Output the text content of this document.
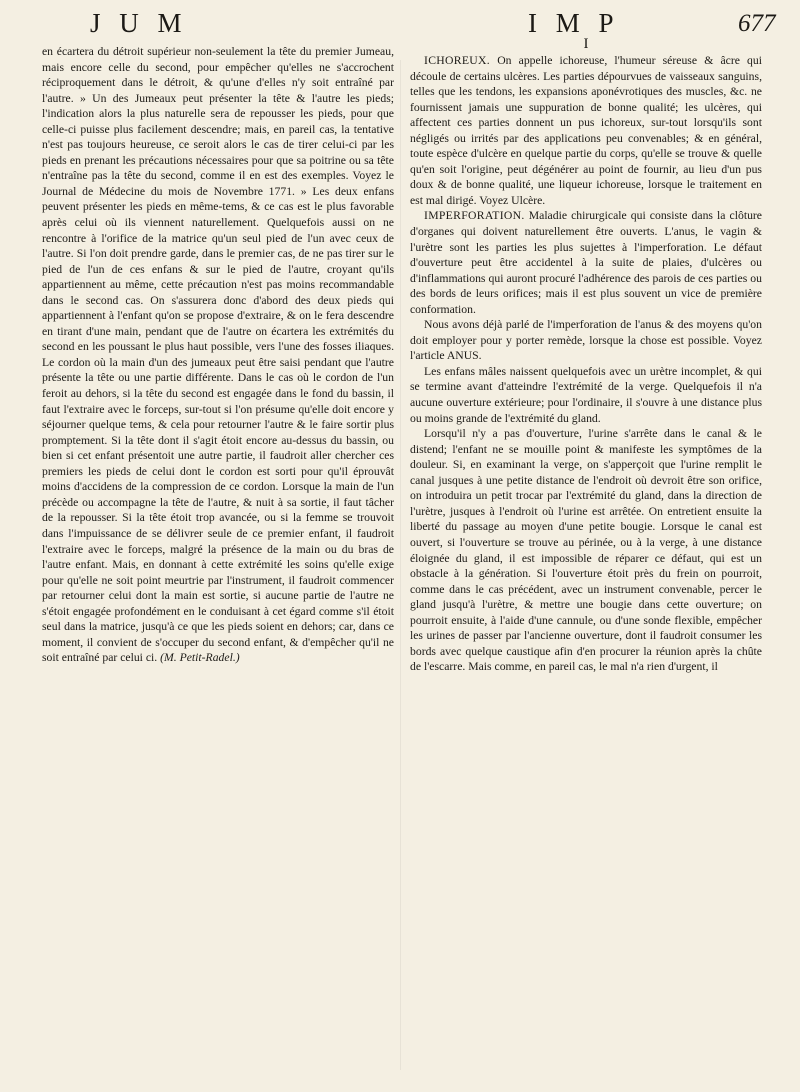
J U M	I M P	677

en écartera du détroit supérieur non-seulement la tête du premier Jumeau, mais encore celle du second, pour empêcher qu'elles ne s'accrochent réciproquement dans le détroit, & qu'une d'elles n'y soit entraîné par l'autre. » Un des Jumeaux peut présenter la tête & l'autre les pieds; l'indication alors la plus naturelle sera de repousser les pieds, pour que celle-ci puisse plus facilement descendre; mais, en pareil cas, la tentative n'est pas toujours heureuse, ce seroit alors le cas de tirer celui-ci par les pieds en prenant les précautions nécessaires pour que sa poitrine ou sa tête n'entraîne pas la tête du second, comme il en est des exemples. Voyez le Journal de Médecine du mois de Novembre 1771. » Les deux enfans peuvent présenter les pieds en même-tems, & ce cas est le plus favorable après celui où ils viennent naturellement. Quelquefois aussi on ne rencontre à l'orifice de la matrice qu'un seul pied de l'un avec ceux de l'autre. Si l'on doit prendre garde, dans le premier cas, de ne pas tirer sur le pied de l'un de ces enfans & sur le pied de l'autre, croyant qu'ils appartiennent au même, cette précaution n'est pas moins recommandable dans le second cas. On s'assurera donc d'abord des deux pieds qui appartiennent à l'enfant qu'on se propose d'extraire, & on le fera descendre en tirant d'une main, pendant que de l'autre on écartera les extrémités du second en les poussant le plus haut possible, vers l'une des fosses iliaques. Le cordon où la main d'un des jumeaux peut être saisi pendant que l'autre présente la tête ou une partie différente. Dans le cas où le cordon de l'un feroit au dehors, si la tête du second est engagée dans le fond du bassin, il faut l'extraire avec le forceps, sur-tout si l'on présume qu'elle doit encore y séjourner quelque tems, & cela pour retourner l'autre & le faire sortir plus promptement. Si la tête dont il s'agit étoit encore au-dessus du bassin, ou bien si cet enfant présentoit une autre partie, il faudroit aller chercher ces premiers les pieds de celui dont le cordon est sorti pour qu'il éprouvât moins d'accidens de la compression de ce cordon. Lorsque la main de l'un précède ou accompagne la tête de l'autre, & nuit à sa sortie, il faut tâcher de la repousser. Si la tête étoit trop avancée, ou si la femme se trouvoit dans l'impuissance de se délivrer seule de ce premier enfant, il faudroit l'extraire avec le forceps, malgré la présence de la main ou du bras de l'autre enfant. Mais, en donnant à cette extrémité les soins qu'elle exige pour qu'elle ne soit point meurtrie par l'instrument, il faudroit commencer par retourner celui dont la main est sortie, si aucune partie de l'autre ne s'étoit engagée profondément en le conduisant à cet égard comme s'il étoit seul dans la matrice, jusqu'à ce que les pieds soient en dehors; car, dans ce moment, il convient de s'occuper du second enfant, & d'empêcher qu'il ne soit entraîné par celui ci. (M. Petit-Radel.)

I

ICHOREUX. On appelle ichoreuse, l'humeur séreuse & âcre qui découle de certains ulcères. Les parties dépourvues de vaisseaux sanguins, telles que les tendons, les expansions aponévrotiques des muscles, &c. ne fournissent jamais une suppuration de bonne qualité; les ulcères, qui affectent ces parties donnent un pus ichoreux, sur-tout lorsqu'ils sont négligés ou irrités par des applications peu convenables; & en général, toute espèce d'ulcère en quelque partie du corps, qu'elle se trouve & quelle qu'en soit l'origine, peut dégénérer au point de fournir, au lieu d'un pus doux & de bonne qualité, une liqueur ichoreuse, lorsque le traitement en est mal dirigé. Voyez Ulcère.

IMPERFORATION. Maladie chirurgicale qui consiste dans la clôture d'organes qui doivent naturellement être ouverts. L'anus, le vagin & l'urètre sont les parties les plus sujettes à l'imperforation. Le défaut d'ouverture peut être accidentel à la suite de plaies, d'ulcères ou d'inflammations qui auront procuré l'adhérence des parois de ces parties ou des bords de leurs orifices; mais il est plus souvent un vice de première conformation.

Nous avons déjà parlé de l'imperforation de l'anus & des moyens qu'on doit employer pour y porter remède, lorsque la chose est possible. Voyez l'article ANUS.

Les enfans mâles naissent quelquefois avec un urètre incomplet, & qui se termine avant d'atteindre l'extrémité de la verge. Quelquefois il n'a aucune ouverture extérieure; pour l'ordinaire, il s'ouvre à une distance plus ou moins grande de l'extrémité du gland.

Lorsqu'il n'y a pas d'ouverture, l'urine s'arrête dans le canal & le distend; l'enfant ne se mouille point & manifeste les symptômes de la douleur. Si, en examinant la verge, on s'apperçoit que l'urine remplit le canal jusques à une petite distance de l'endroit où devroit être son orifice, on introduira un petit trocar par l'extrémité du gland, dans la direction de l'urètre, jusques à l'endroit où l'urine est arrêtée. On entretient ensuite la liberté du passage au moyen d'une petite bougie. Lorsque le canal est ouvert, si l'ouverture se trouve au périnée, ou à la verge, à une distance éloignée du gland, il est impossible de réparer ce défaut, qui est un obstacle à la génération. Si l'ouverture étoit près du frein on pourroit, comme dans le cas précédent, avec un instrument convenable, percer le gland jusqu'à l'urètre, & mettre une bougie dans cette ouverture; on pourroit ensuite, à l'aide d'une cannule, ou d'une sonde flexible, empêcher les urines de passer par l'ancienne ouverture, dont il faudroit consumer les bords avec quelque caustique afin d'en procurer la réunion après la chûte de l'escarre. Mais comme, en pareil cas, le mal n'a rien d'urgent, il
